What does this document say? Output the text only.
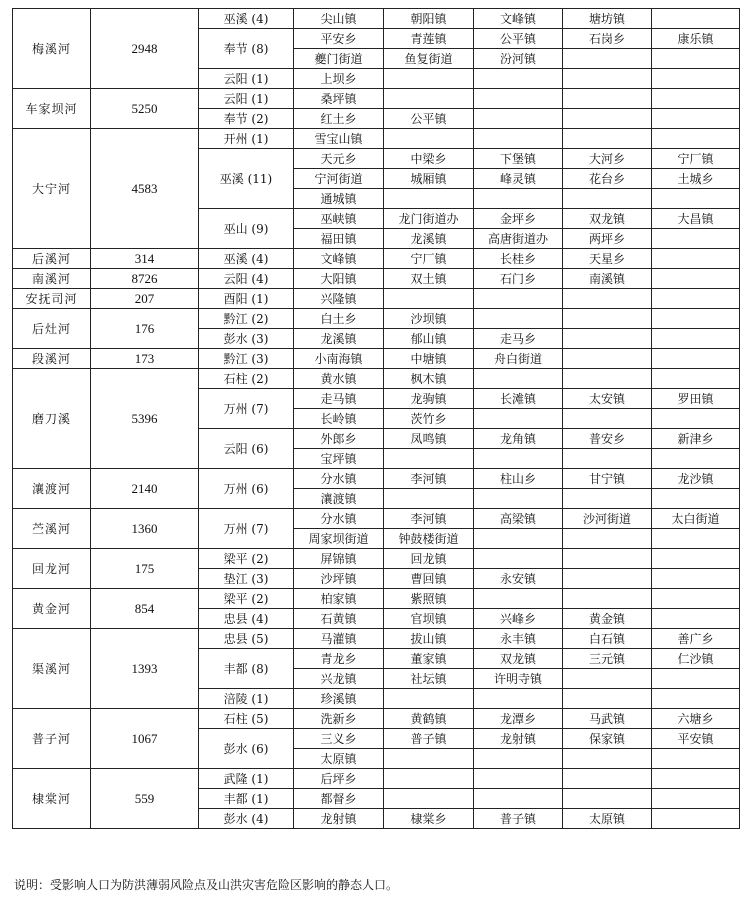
梅溪河	2948	巫溪 (4)	尖山镇	朝阳镇	文峰镇	塘坊镇	
		奉节 (8)	平安乡	青莲镇	公平镇	石岗乡	康乐镇
			夔门街道	鱼复街道	汾河镇		
		云阳 (1)	上坝乡				
车家坝河	5250	云阳 (1)	桑坪镇				
		奉节 (2)	红土乡	公平镇			
大宁河	4583	开州 (1)	雪宝山镇				
		巫溪 (11)	天元乡	中梁乡	下堡镇	大河乡	宁厂镇
			宁河街道	城厢镇	峰灵镇	花台乡	土城乡
			通城镇				
		巫山 (9)	巫峡镇	龙门街道办	金坪乡	双龙镇	大昌镇
			福田镇	龙溪镇	高唐街道办	两坪乡	
后溪河	314	巫溪 (4)	文峰镇	宁厂镇	长桂乡	天星乡	
南溪河	8726	云阳 (4)	大阳镇	双土镇	石门乡	南溪镇	
安抚司河	207	酉阳 (1)	兴隆镇				
后灶河	176	黔江 (2)	白土乡	沙坝镇			
		彭水 (3)	龙溪镇	郁山镇	走马乡		
段溪河	173	黔江 (3)	小南海镇	中塘镇	舟白街道		
磨刀溪	5396	石柱 (2)	黄水镇	枫木镇			
		万州 (7)	走马镇	龙驹镇	长滩镇	太安镇	罗田镇
			长岭镇	茨竹乡			
		云阳 (6)	外郎乡	凤鸣镇	龙角镇	普安乡	新津乡
			宝坪镇				
瀼渡河	2140	万州 (6)	分水镇	李河镇	柱山乡	甘宁镇	龙沙镇
			瀼渡镇				
苎溪河	1360	万州 (7)	分水镇	李河镇	高梁镇	沙河街道	太白街道
			周家坝街道	钟鼓楼街道			
回龙河	175	梁平 (2)	屏锦镇	回龙镇			
		垫江 (3)	沙坪镇	曹回镇	永安镇		
黄金河	854	梁平 (2)	柏家镇	紫照镇			
		忠县 (4)	石黄镇	官坝镇	兴峰乡	黄金镇	
渠溪河	1393	忠县 (5)	马灌镇	拔山镇	永丰镇	白石镇	善广乡
		丰都 (8)	青龙乡	董家镇	双龙镇	三元镇	仁沙镇
			兴龙镇	社坛镇	许明寺镇		
		涪陵 (1)	珍溪镇				
普子河	1067	石柱 (5)	洗新乡	黄鹤镇	龙潭乡	马武镇	六塘乡
		彭水 (6)	三义乡	普子镇	龙射镇	保家镇	平安镇
			太原镇				
棣棠河	559	武隆 (1)	后坪乡				
		丰都 (1)	都督乡				
		彭水 (4)	龙射镇	棣棠乡	普子镇	太原镇	
说明：受影响人口为防洪薄弱风险点及山洪灾害危险区影响的静态人口。
